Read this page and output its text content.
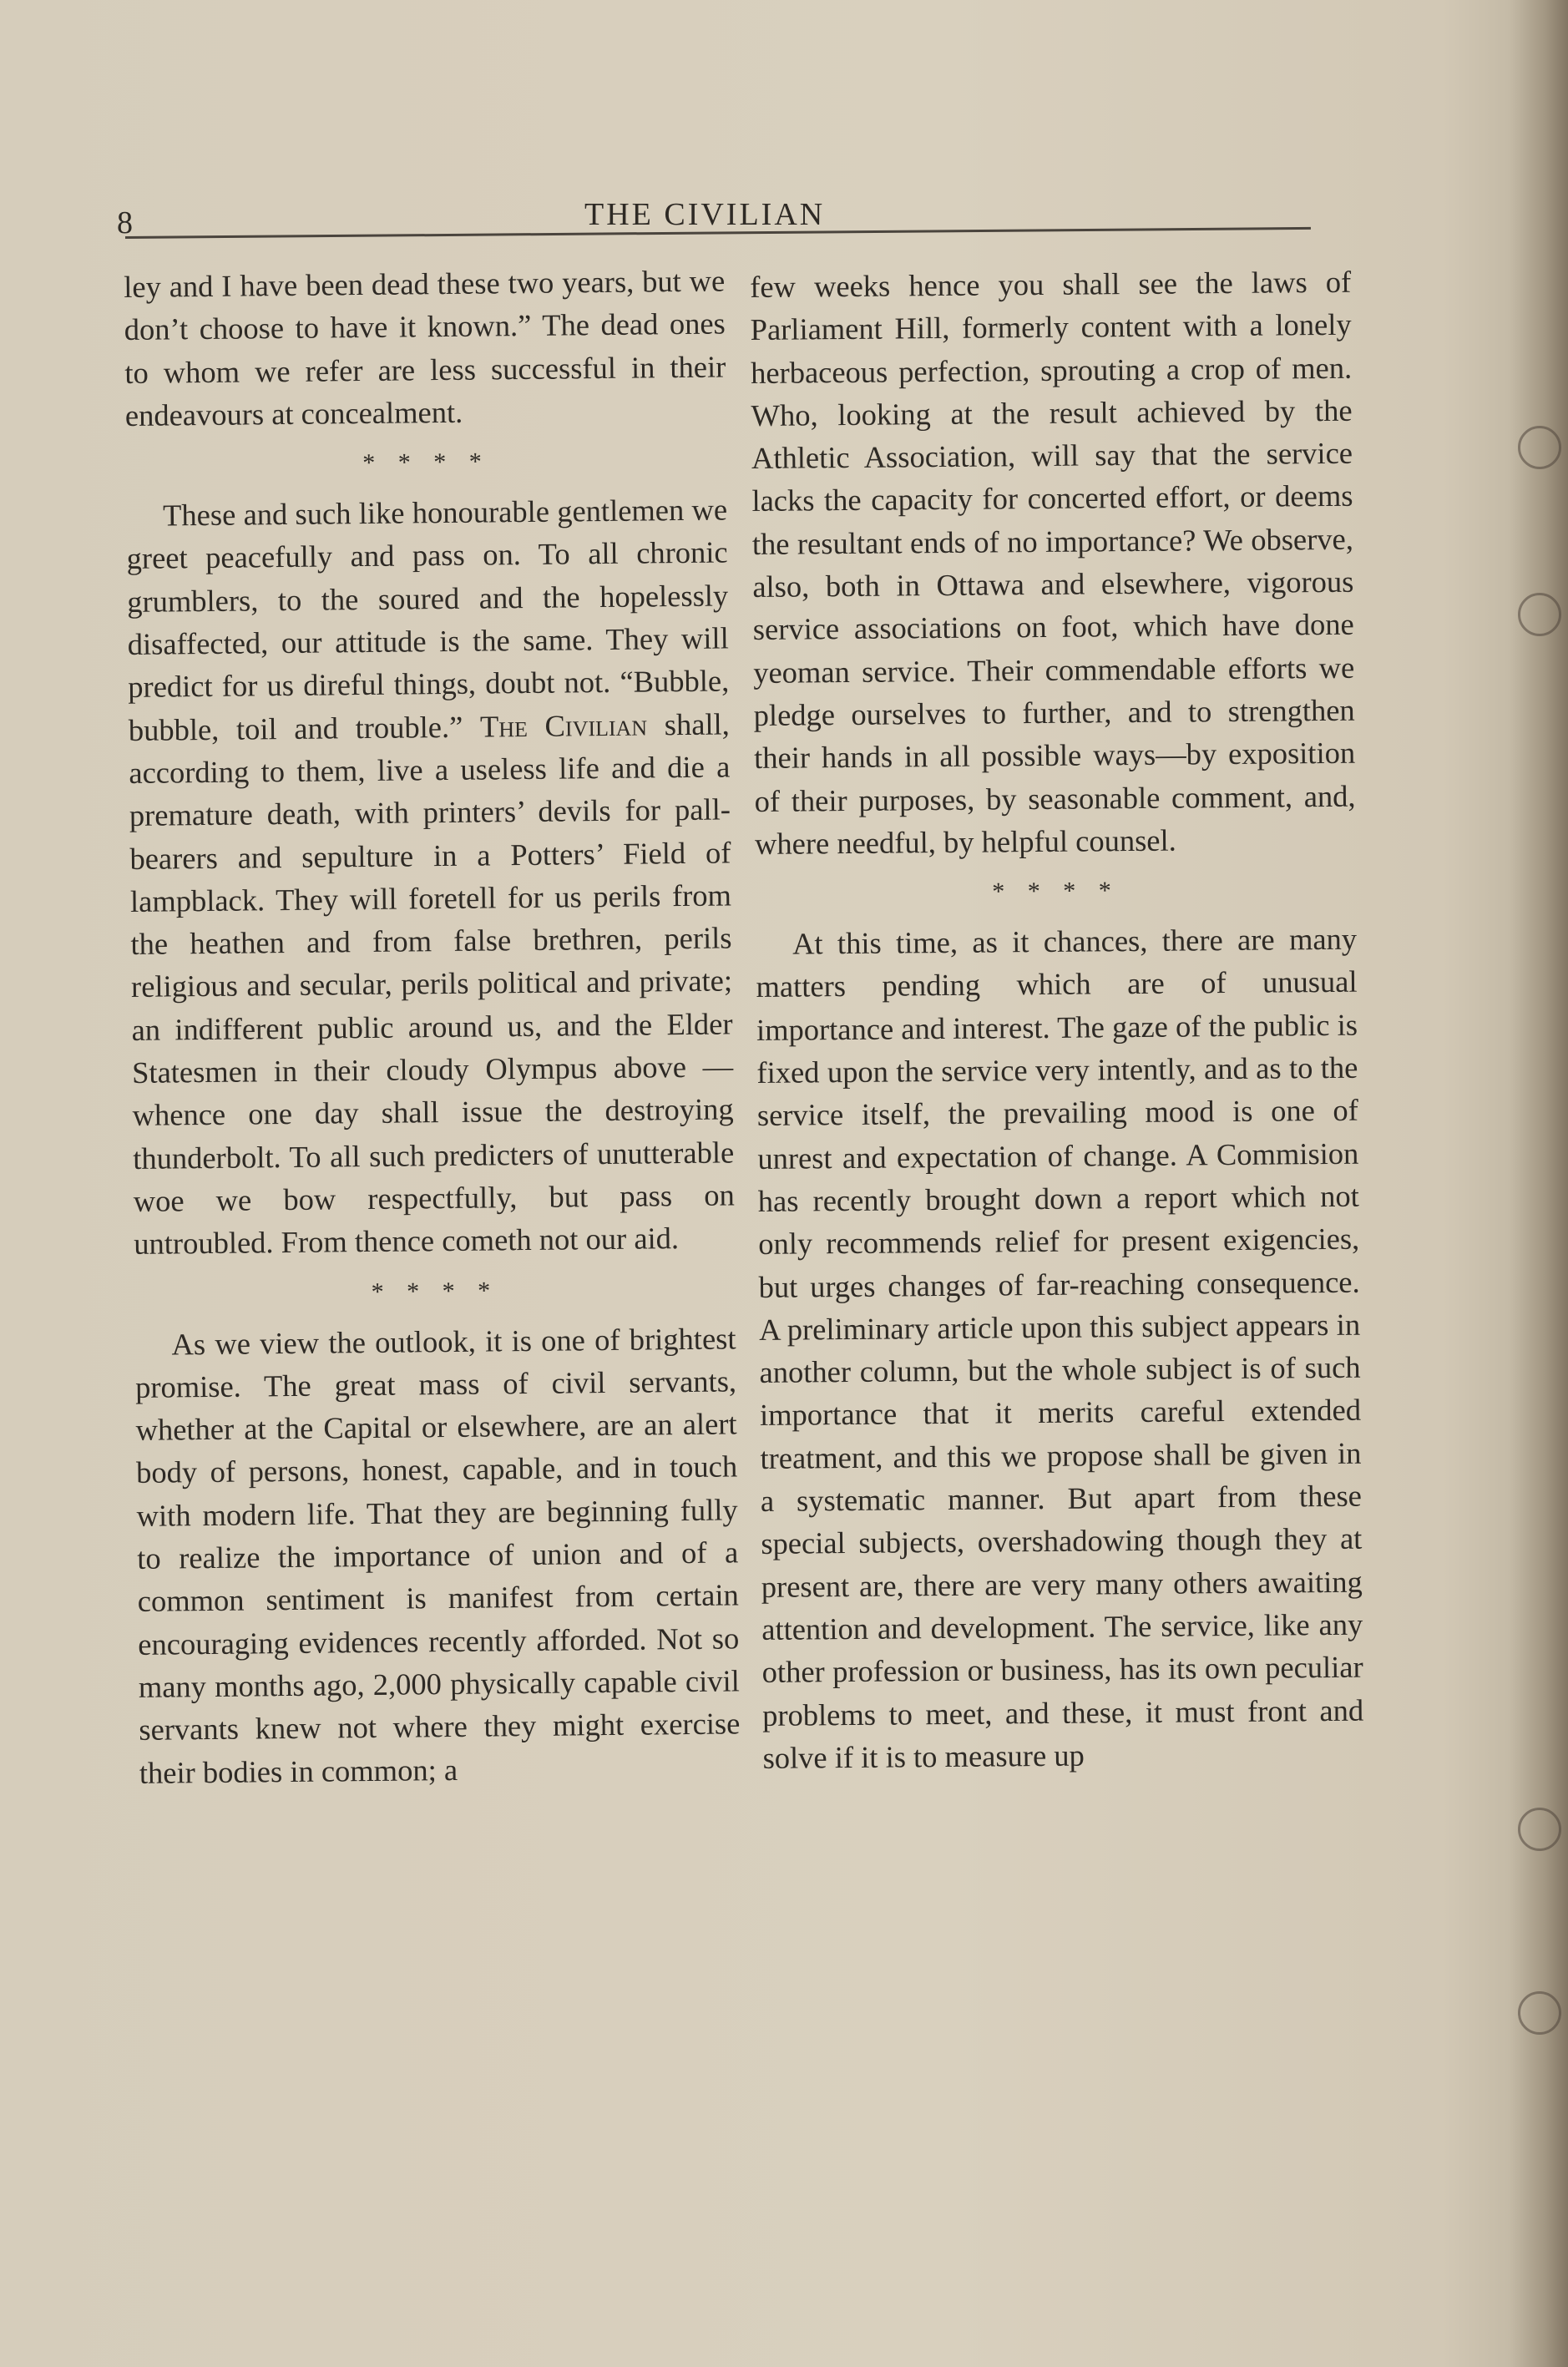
8	THE CIVILIAN

ley and I have been dead these two years, but we don’t choose to have it known.” The dead ones to whom we refer are less successful in their endeavours at concealment.

* * * *

These and such like honourable gentlemen we greet peacefully and pass on. To all chronic grumblers, to the soured and the hopelessly disaffected, our attitude is the same. They will predict for us direful things, doubt not. “Bubble, bubble, toil and trouble.” The Civilian shall, according to them, live a useless life and die a premature death, with printers’ devils for pall-bearers and sepulture in a Potters’ Field of lampblack. They will foretell for us perils from the heathen and from false brethren, perils religious and secular, perils political and private; an indifferent public around us, and the Elder Statesmen in their cloudy Olympus above — whence one day shall issue the destroying thunderbolt. To all such predicters of unutterable woe we bow respectfully, but pass on untroubled. From thence cometh not our aid.

* * * *

As we view the outlook, it is one of brightest promise. The great mass of civil servants, whether at the Capital or elsewhere, are an alert body of persons, honest, capable, and in touch with modern life. That they are beginning fully to realize the importance of union and of a common sentiment is manifest from certain encouraging evidences recently afforded. Not so many months ago, 2,000 physically capable civil servants knew not where they might exercise their bodies in common; a

few weeks hence you shall see the laws of Parliament Hill, formerly content with a lonely herbaceous perfection, sprouting a crop of men. Who, looking at the result achieved by the Athletic Association, will say that the service lacks the capacity for concerted effort, or deems the resultant ends of no importance? We observe, also, both in Ottawa and elsewhere, vigorous service associations on foot, which have done yeoman service. Their commendable efforts we pledge ourselves to further, and to strengthen their hands in all possible ways—by exposition of their purposes, by seasonable comment, and, where needful, by helpful counsel.

* * * *

At this time, as it chances, there are many matters pending which are of unusual importance and interest. The gaze of the public is fixed upon the service very intently, and as to the service itself, the prevailing mood is one of unrest and expectation of change. A Commision has recently brought down a report which not only recommends relief for present exigencies, but urges changes of far-reaching consequence. A preliminary article upon this subject appears in another column, but the whole subject is of such importance that it merits careful extended treatment, and this we propose shall be given in a systematic manner. But apart from these special subjects, overshadowing though they at present are, there are very many others awaiting attention and development. The service, like any other profession or business, has its own peculiar problems to meet, and these, it must front and solve if it is to measure up
